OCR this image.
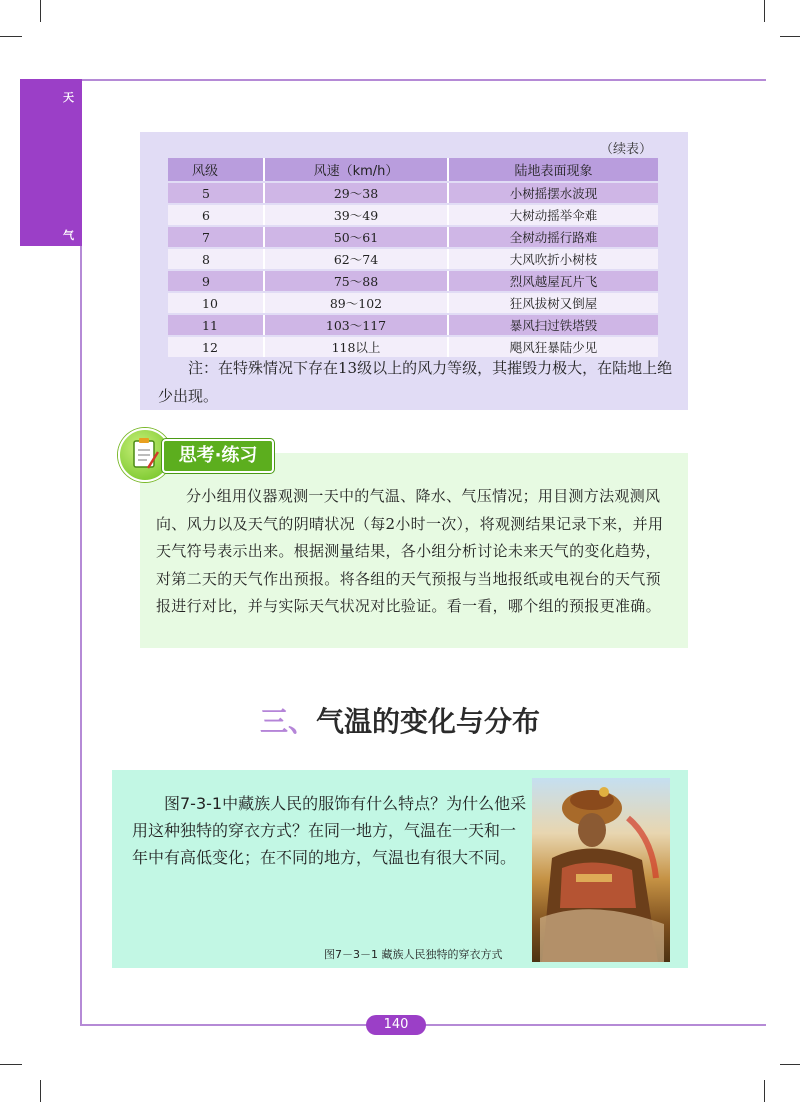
天
气
（续表）
风级	风速（km/h）	陆地表面现象
5	29～38	小树摇摆水波现
6	39～49	大树动摇举伞难
7	50～61	全树动摇行路难
8	62～74	大风吹折小树枝
9	75～88	烈风越屋瓦片飞
10	89～102	狂风拔树又倒屋
11	103～117	暴风扫过铁塔毁
12	118以上	飓风狂暴陆少见
注：在特殊情况下存在13级以上的风力等级，其摧毁力极大，在陆地上绝少出现。
分小组用仪器观测一天中的气温、降水、气压情况；用目测方法观测风向、风力以及天气的阴晴状况（每2小时一次），将观测结果记录下来，并用天气符号表示出来。根据测量结果，各小组分析讨论未来天气的变化趋势，对第二天的天气作出预报。将各组的天气预报与当地报纸或电视台的天气预报进行对比，并与实际天气状况对比验证。看一看，哪个组的预报更准确。
思考·练习
三、气温的变化与分布
图7-3-1中藏族人民的服饰有什么特点？为什么他采用这种独特的穿衣方式？在同一地方，气温在一天和一年中有高低变化；在不同的地方，气温也有很大不同。
图7－3－1 藏族人民独特的穿衣方式
140
